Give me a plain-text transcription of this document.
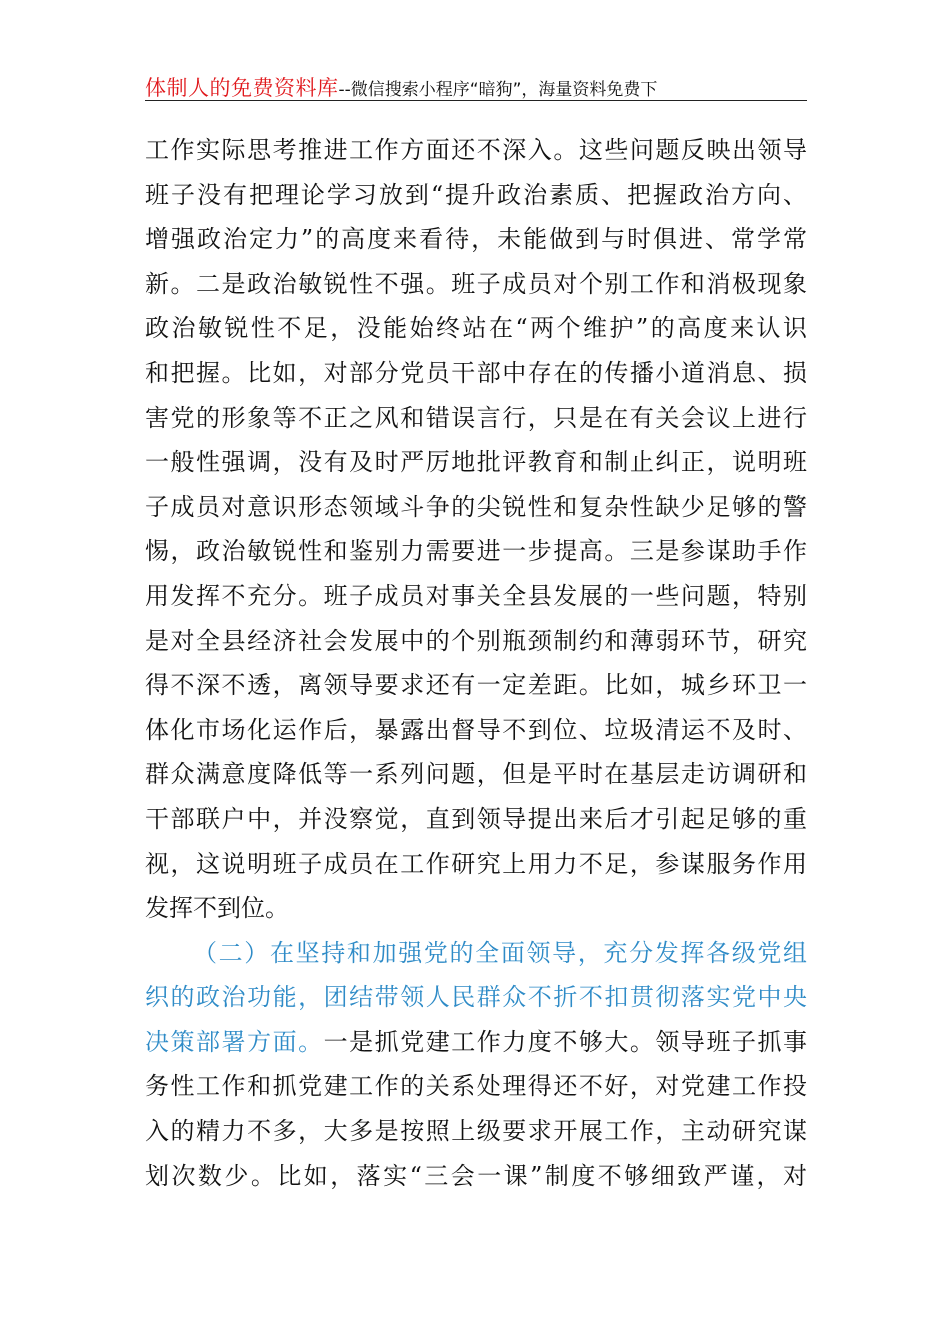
体制人的免费资料库--微信搜索小程序“暗狗”，海量资料免费下
工作实际思考推进工作方面还不深入。这些问题反映出领导
班子没有把理论学习放到“提升政治素质、把握政治方向、
增强政治定力”的高度来看待，未能做到与时俱进、常学常
新。二是政治敏锐性不强。班子成员对个别工作和消极现象
政治敏锐性不足，没能始终站在“两个维护”的高度来认识
和把握。比如，对部分党员干部中存在的传播小道消息、损
害党的形象等不正之风和错误言行，只是在有关会议上进行
一般性强调，没有及时严厉地批评教育和制止纠正，说明班
子成员对意识形态领域斗争的尖锐性和复杂性缺少足够的警
惕，政治敏锐性和鉴别力需要进一步提高。三是参谋助手作
用发挥不充分。班子成员对事关全县发展的一些问题，特别
是对全县经济社会发展中的个别瓶颈制约和薄弱环节，研究
得不深不透，离领导要求还有一定差距。比如，城乡环卫一
体化市场化运作后，暴露出督导不到位、垃圾清运不及时、
群众满意度降低等一系列问题，但是平时在基层走访调研和
干部联户中，并没察觉，直到领导提出来后才引起足够的重
视，这说明班子成员在工作研究上用力不足，参谋服务作用
发挥不到位。
（二）在坚持和加强党的全面领导，充分发挥各级党组
织的政治功能，团结带领人民群众不折不扣贯彻落实党中央
决策部署方面。一是抓党建工作力度不够大。领导班子抓事
务性工作和抓党建工作的关系处理得还不好，对党建工作投
入的精力不多，大多是按照上级要求开展工作，主动研究谋
划次数少。比如，落实“三会一课”制度不够细致严谨，对
